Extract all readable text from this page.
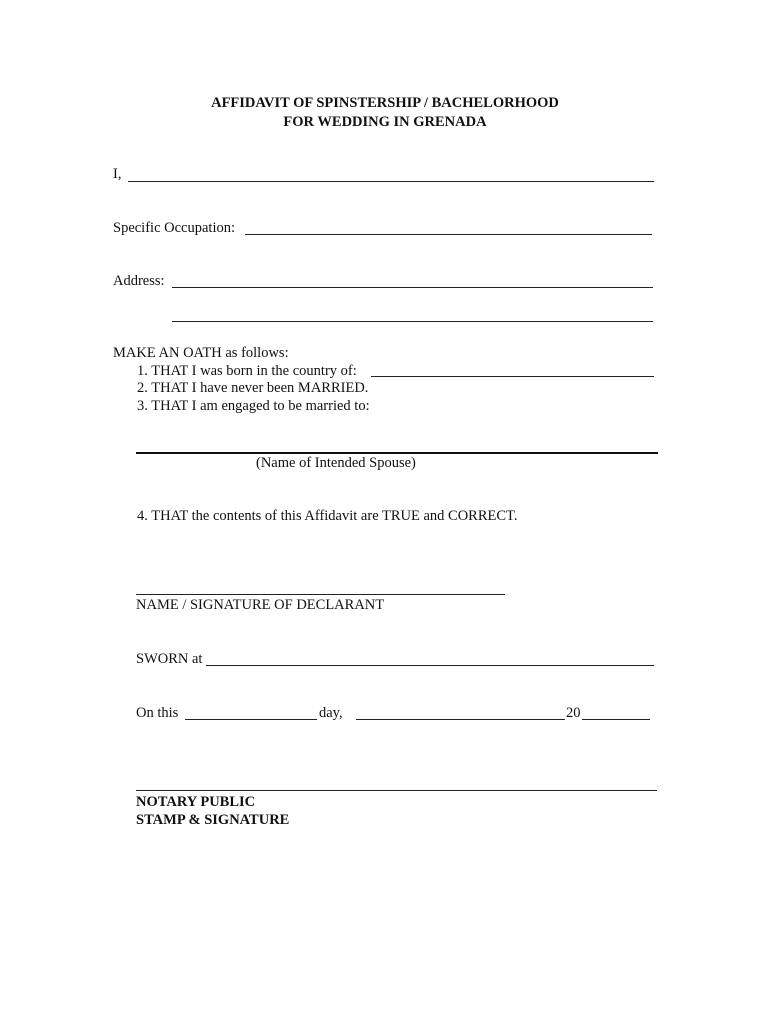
AFFIDAVIT OF SPINSTERSHIP / BACHELORHOOD
FOR WEDDING IN GRENADA
I,
Specific Occupation:
Address:
MAKE AN OATH as follows:
1. THAT I was born in the country of:
2. THAT I have never been MARRIED.
3. THAT I am engaged to be married to:
(Name of Intended Spouse)
4. THAT the contents of this Affidavit are TRUE and CORRECT.
NAME / SIGNATURE OF DECLARANT
SWORN at
On this	day,	20
NOTARY PUBLIC
STAMP & SIGNATURE
